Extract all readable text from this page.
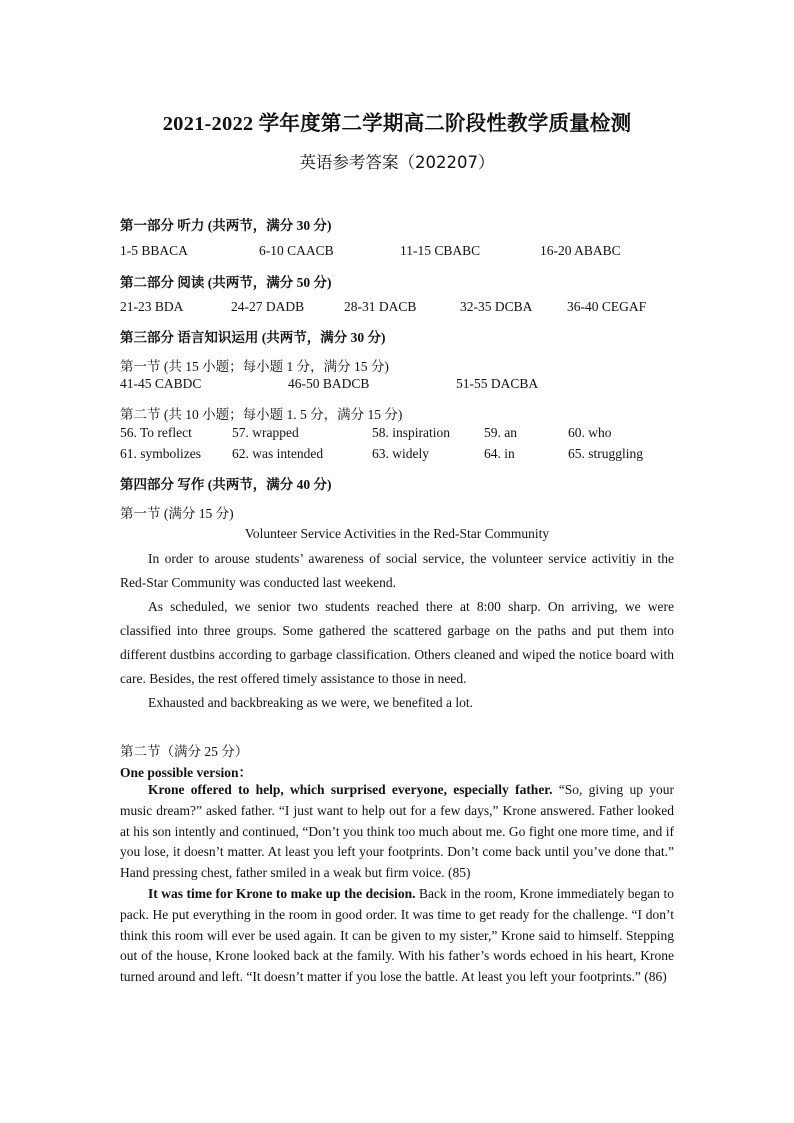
2021-2022 学年度第二学期高二阶段性教学质量检测
英语参考答案（202207）
第一部分 听力 (共两节，满分 30 分)
1-5 BBACA	6-10 CAACB	11-15 CBABC	16-20 ABABC
第二部分 阅读 (共两节，满分 50 分)
21-23 BDA	24-27 DADB	28-31 DACB	32-35 DCBA	36-40 CEGAF
第三部分 语言知识运用 (共两节，满分 30 分)
第一节 (共 15 小题；每小题 1 分，满分 15 分)
41-45 CABDC	46-50 BADCB	51-55 DACBA
第二节 (共 10 小题；每小题 1. 5 分，满分 15 分)
56. To reflect	57. wrapped	58. inspiration	59. an	60. who
61. symbolizes 62. was intended	63. widely	64. in	65. struggling
第四部分 写作 (共两节，满分 40 分)
第一节 (满分 15 分)
Volunteer Service Activities in the Red-Star Community

In order to arouse students’ awareness of social service, the volunteer service activitiy in the Red-Star Community was conducted last weekend.

As scheduled, we senior two students reached there at 8:00 sharp. On arriving, we were classified into three groups. Some gathered the scattered garbage on the paths and put them into different dustbins according to garbage classification. Others cleaned and wiped the notice board with care. Besides, the rest offered timely assistance to those in need.

Exhausted and backbreaking as we were, we benefited a lot.

第二节（满分 25 分）
One possible version：

Krone offered to help, which surprised everyone, especially father. “So, giving up your music dream?” asked father. “I just want to help out for a few days,” Krone answered. Father looked at his son intently and continued, “Don’t you think too much about me. Go fight one more time, and if you lose, it doesn’t matter. At least you left your footprints. Don’t come back until you’ve done that.” Hand pressing chest, father smiled in a weak but firm voice. (85)

It was time for Krone to make up the decision. Back in the room, Krone immediately began to pack. He put everything in the room in good order. It was time to get ready for the challenge. “I don’t think this room will ever be used again. It can be given to my sister,” Krone said to himself. Stepping out of the house, Krone looked back at the family. With his father’s words echoed in his heart, Krone turned around and left. “It doesn’t matter if you lose the battle. At least you left your footprints.” (86)
